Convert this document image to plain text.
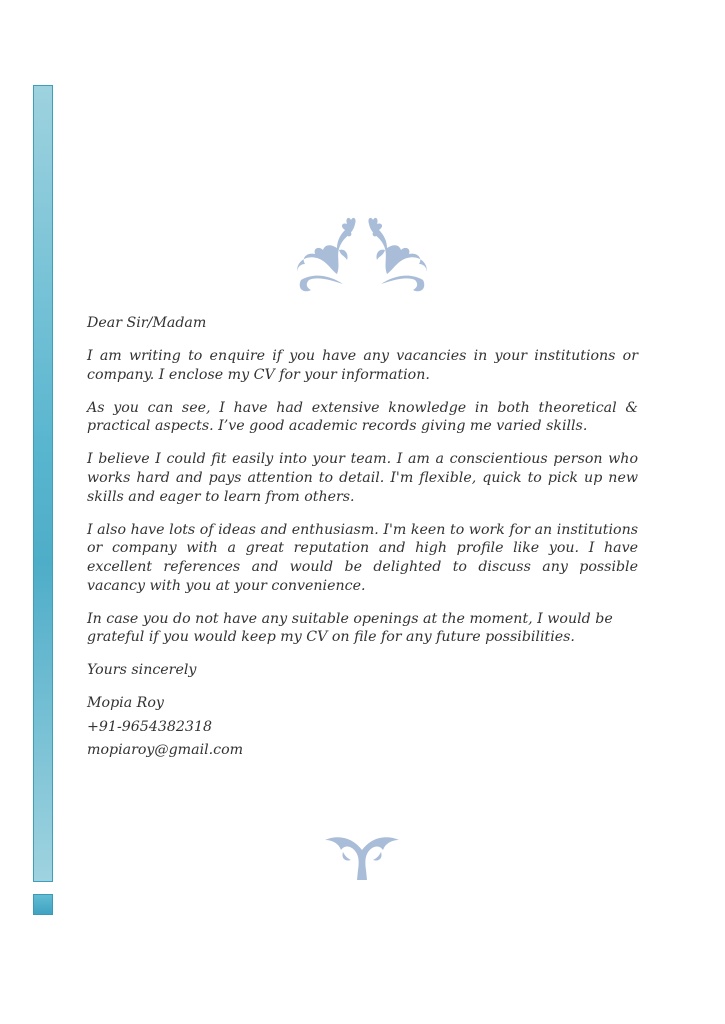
Dear Sir/Madam

I am writing to enquire if you have any vacancies in your institutions or company. I enclose my CV for your information.

As you can see, I have had extensive knowledge in both theoretical & practical aspects. I’ve good academic records giving me varied skills.

I believe I could fit easily into your team. I am a conscientious person who works hard and pays attention to detail. I'm flexible, quick to pick up new skills and eager to learn from others.

I also have lots of ideas and enthusiasm. I'm keen to work for an institutions or company with a great reputation and high profile like you. I have excellent references and would be delighted to discuss any possible vacancy with you at your convenience.

In case you do not have any suitable openings at the moment, I would be grateful if you would keep my CV on file for any future possibilities.

Yours sincerely

Mopia Roy
+91-9654382318
mopiaroy@gmail.com
